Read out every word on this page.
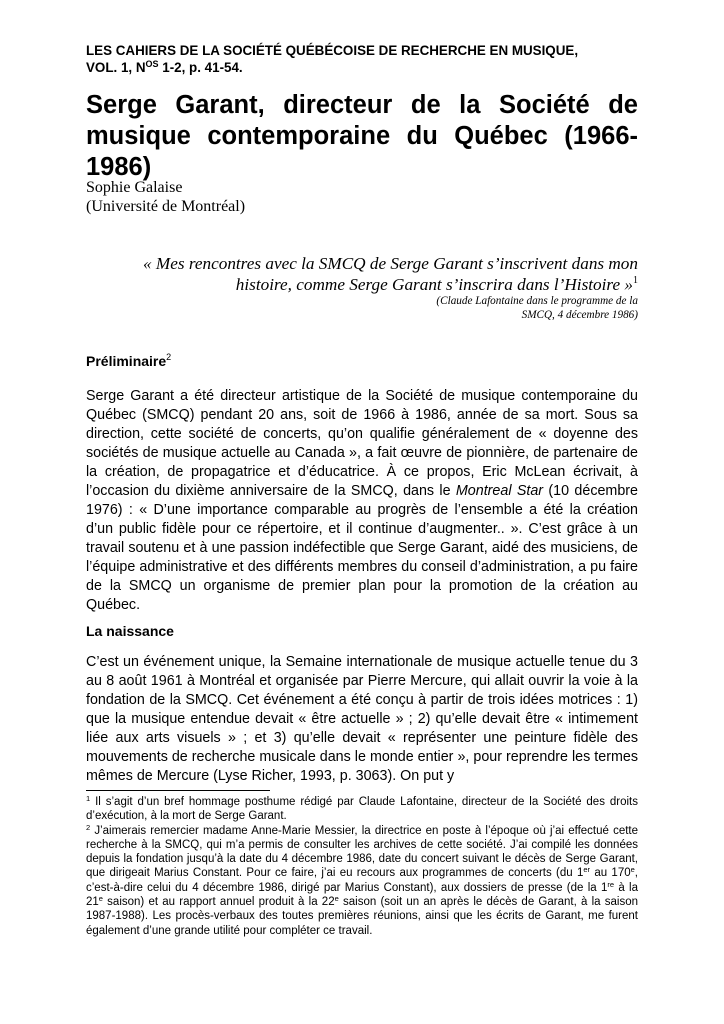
LES CAHIERS DE LA SOCIÉTÉ QUÉBÉCOISE DE RECHERCHE EN MUSIQUE,
VOL. 1, $N^{OS}$ 1-2, p. 41-54.
Serge Garant, directeur de la Société de musique contemporaine du Québec (1966-1986)
Sophie Galaise
(Université de Montréal)
« Mes rencontres avec la SMCQ de Serge Garant s’inscrivent dans mon
histoire, comme Serge Garant s’inscrira dans l’Histoire »$^1$
(Claude Lafontaine dans le programme de la
SMCQ, 4 décembre 1986)
Préliminaire$^2$

Serge Garant a été directeur artistique de la Société de musique contemporaine du Québec (SMCQ) pendant 20 ans, soit de 1966 à 1986, année de sa mort. Sous sa direction, cette société de concerts, qu’on qualifie généralement de « doyenne des sociétés de musique actuelle au Canada », a fait œuvre de pionnière, de partenaire de la création, de propagatrice et d’éducatrice. À ce propos, Eric McLean écrivait, à l’occasion du dixième anniversaire de la SMCQ, dans le Montreal Star (10 décembre 1976) : « D’une importance comparable au progrès de l’ensemble a été la création d’un public fidèle pour ce répertoire, et il continue d’augmenter.. ». C’est grâce à un travail soutenu et à une passion indéfectible que Serge Garant, aidé des musiciens, de l’équipe administrative et des différents membres du conseil d’administration, a pu faire de la SMCQ un organisme de premier plan pour la promotion de la création au Québec.

La naissance

C’est un événement unique, la Semaine internationale de musique actuelle tenue du 3 au 8 août 1961 à Montréal et organisée par Pierre Mercure, qui allait ouvrir la voie à la fondation de la SMCQ. Cet événement a été conçu à partir de trois idées motrices : 1) que la musique entendue devait « être actuelle » ; 2) qu’elle devait être « intimement liée aux arts visuels » ; et 3) qu’elle devait « représenter une peinture fidèle des mouvements de recherche musicale dans le monde entier », pour reprendre les termes mêmes de Mercure (Lyse Richer, 1993, p. 3063). On put y

$^1$ Il s’agit d’un bref hommage posthume rédigé par Claude Lafontaine, directeur de la Société des droits d’exécution, à la mort de Serge Garant.

$^2$ J’aimerais remercier madame Anne-Marie Messier, la directrice en poste à l’époque où j’ai effectué cette recherche à la SMCQ, qui m’a permis de consulter les archives de cette société. J’ai compilé les données depuis la fondation jusqu’à la date du 4 décembre 1986, date du concert suivant le décès de Serge Garant, que dirigeait Marius Constant. Pour ce faire, j’ai eu recours aux programmes de concerts (du 1er au 170e, c’est-à-dire celui du 4 décembre 1986, dirigé par Marius Constant), aux dossiers de presse (de la 1re à la 21e saison) et au rapport annuel produit à la 22e saison (soit un an après le décès de Garant, à la saison 1987-1988). Les procès-verbaux des toutes premières réunions, ainsi que les écrits de Garant, me furent également d’une grande utilité pour compléter ce travail.
